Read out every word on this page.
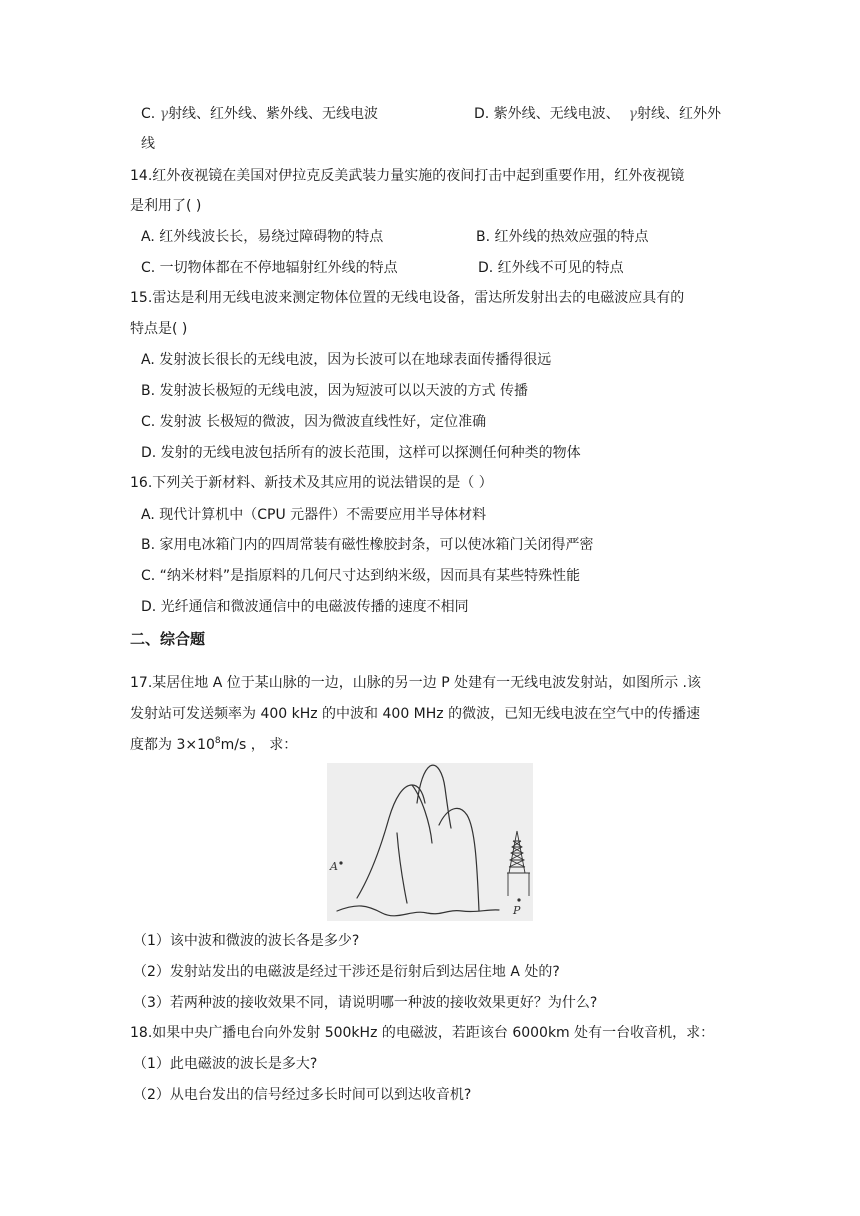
C. γ射线、红外线、紫外线、无线电波	D. 紫外线、无线电波、 γ射线、红外外
线
14.红外夜视镜在美国对伊拉克反美武装力量实施的夜间打击中起到重要作用，红外夜视镜
是利用了( )
A. 红外线波长长，易绕过障碍物的特点	B. 红外线的热效应强的特点
C. 一切物体都在不停地辐射红外线的特点	D. 红外线不可见的特点
15.雷达是利用无线电波来测定物体位置的无线电设备，雷达所发射出去的电磁波应具有的
特点是( )
A. 发射波长很长的无线电波，因为长波可以在地球表面传播得很远
B. 发射波长极短的无线电波，因为短波可以以天波的方式 传播
C. 发射波 长极短的微波，因为微波直线性好，定位准确
D. 发射的无线电波包括所有的波长范围，这样可以探测任何种类的物体
16.下列关于新材料、新技术及其应用的说法错误的是（ ）
A. 现代计算机中（CPU 元器件）不需要应用半导体材料
B. 家用电冰箱门内的四周常装有磁性橡胶封条，可以使冰箱门关闭得严密
C. “纳米材料”是指原料的几何尺寸达到纳米级，因而具有某些特殊性能
D. 光纤通信和微波通信中的电磁波传播的速度不相同
二、综合题
17.某居住地 A 位于某山脉的一边，山脉的另一边 P 处建有一无线电波发射站，如图所示 .该
发射站可发送频率为 400 kHz 的中波和 400 MHz 的微波，已知无线电波在空气中的传播速
度都为 $3\times 10^8m/s$ ， 求：
A
P
（1）该中波和微波的波长各是多少?
（2）发射站发出的电磁波是经过干涉还是衍射后到达居住地 A 处的?
（3）若两种波的接收效果不同，请说明哪一种波的接收效果更好？为什么?
18.如果中央广播电台向外发射 500kHz 的电磁波，若距该台 6000km 处有一台收音机，求：
（1）此电磁波的波长是多大?
（2）从电台发出的信号经过多长时间可以到达收音机?
